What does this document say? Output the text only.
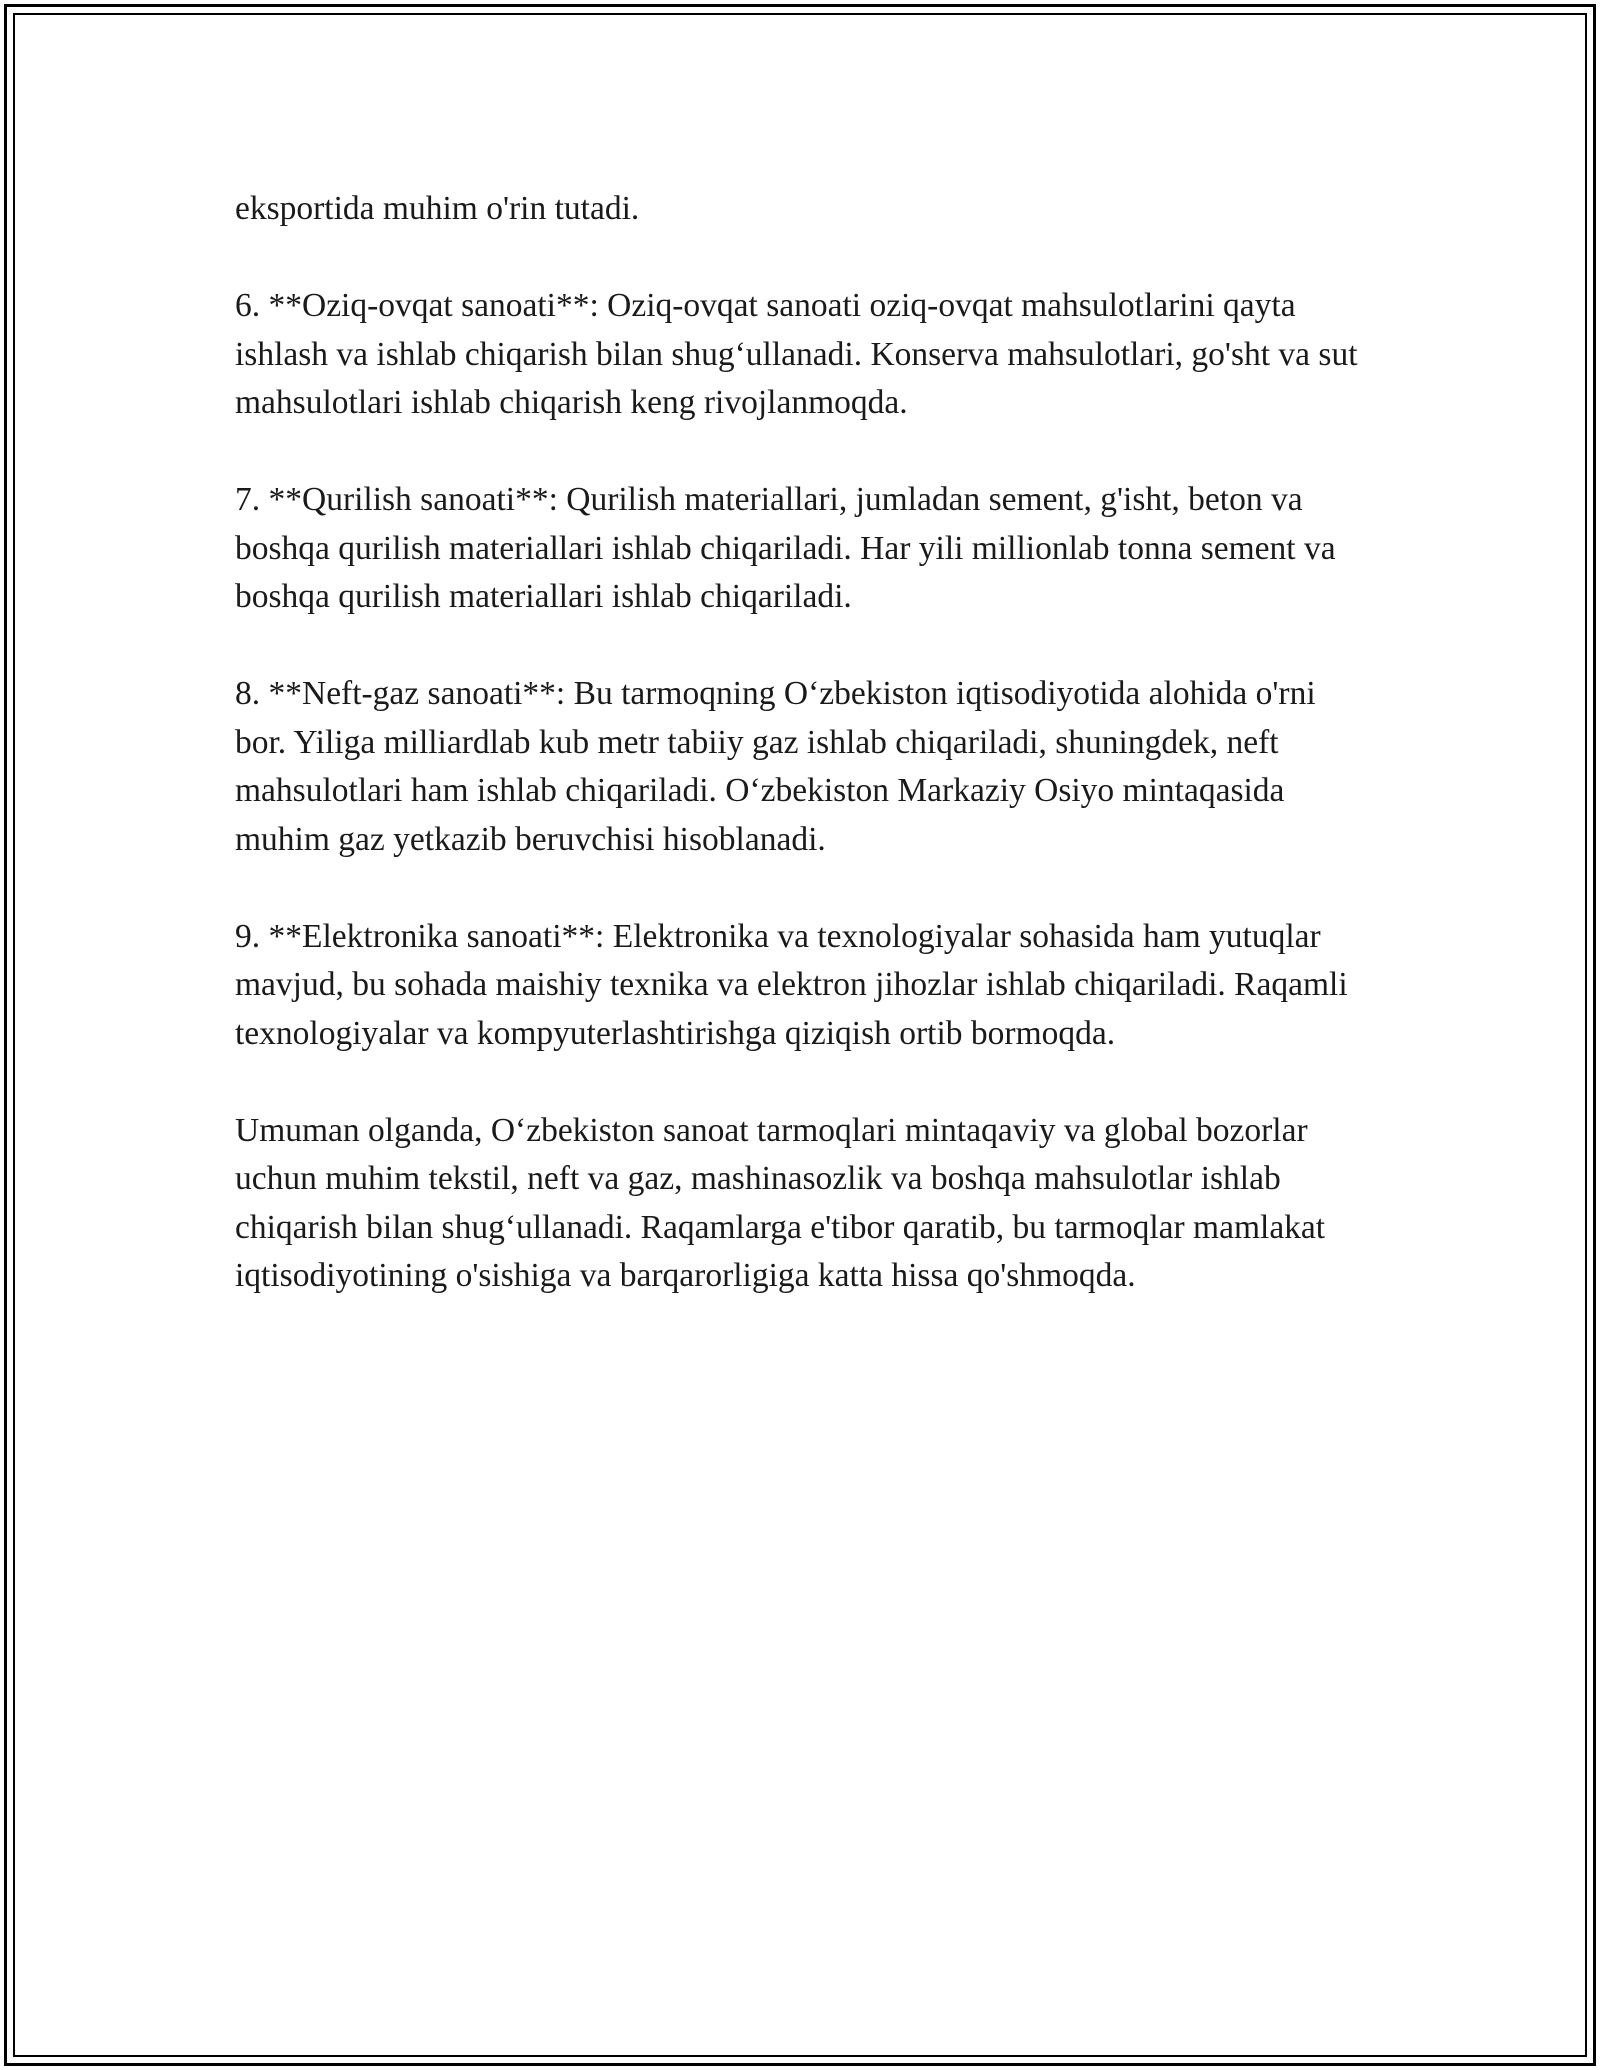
eksportida muhim o'rin tutadi.

6. **Oziq-ovqat sanoati**: Oziq-ovqat sanoati oziq-ovqat mahsulotlarini qayta ishlash va ishlab chiqarish bilan shug‘ullanadi. Konserva mahsulotlari, go'sht va sut mahsulotlari ishlab chiqarish keng rivojlanmoqda.

7. **Qurilish sanoati**: Qurilish materiallari, jumladan sement, g'isht, beton va boshqa qurilish materiallari ishlab chiqariladi. Har yili millionlab tonna sement va boshqa qurilish materiallari ishlab chiqariladi.

8. **Neft-gaz sanoati**: Bu tarmoqning O‘zbekiston iqtisodiyotida alohida o'rni bor. Yiliga milliardlab kub metr tabiiy gaz ishlab chiqariladi, shuningdek, neft mahsulotlari ham ishlab chiqariladi. O‘zbekiston Markaziy Osiyo mintaqasida muhim gaz yetkazib beruvchisi hisoblanadi.

9. **Elektronika sanoati**: Elektronika va texnologiyalar sohasida ham yutuqlar mavjud, bu sohada maishiy texnika va elektron jihozlar ishlab chiqariladi. Raqamli texnologiyalar va kompyuterlashtirishga qiziqish ortib bormoqda.

Umuman olganda, O‘zbekiston sanoat tarmoqlari mintaqaviy va global bozorlar uchun muhim tekstil, neft va gaz, mashinasozlik va boshqa mahsulotlar ishlab chiqarish bilan shug‘ullanadi. Raqamlarga e'tibor qaratib, bu tarmoqlar mamlakat iqtisodiyotining o'sishiga va barqarorligiga katta hissa qo'shmoqda.
